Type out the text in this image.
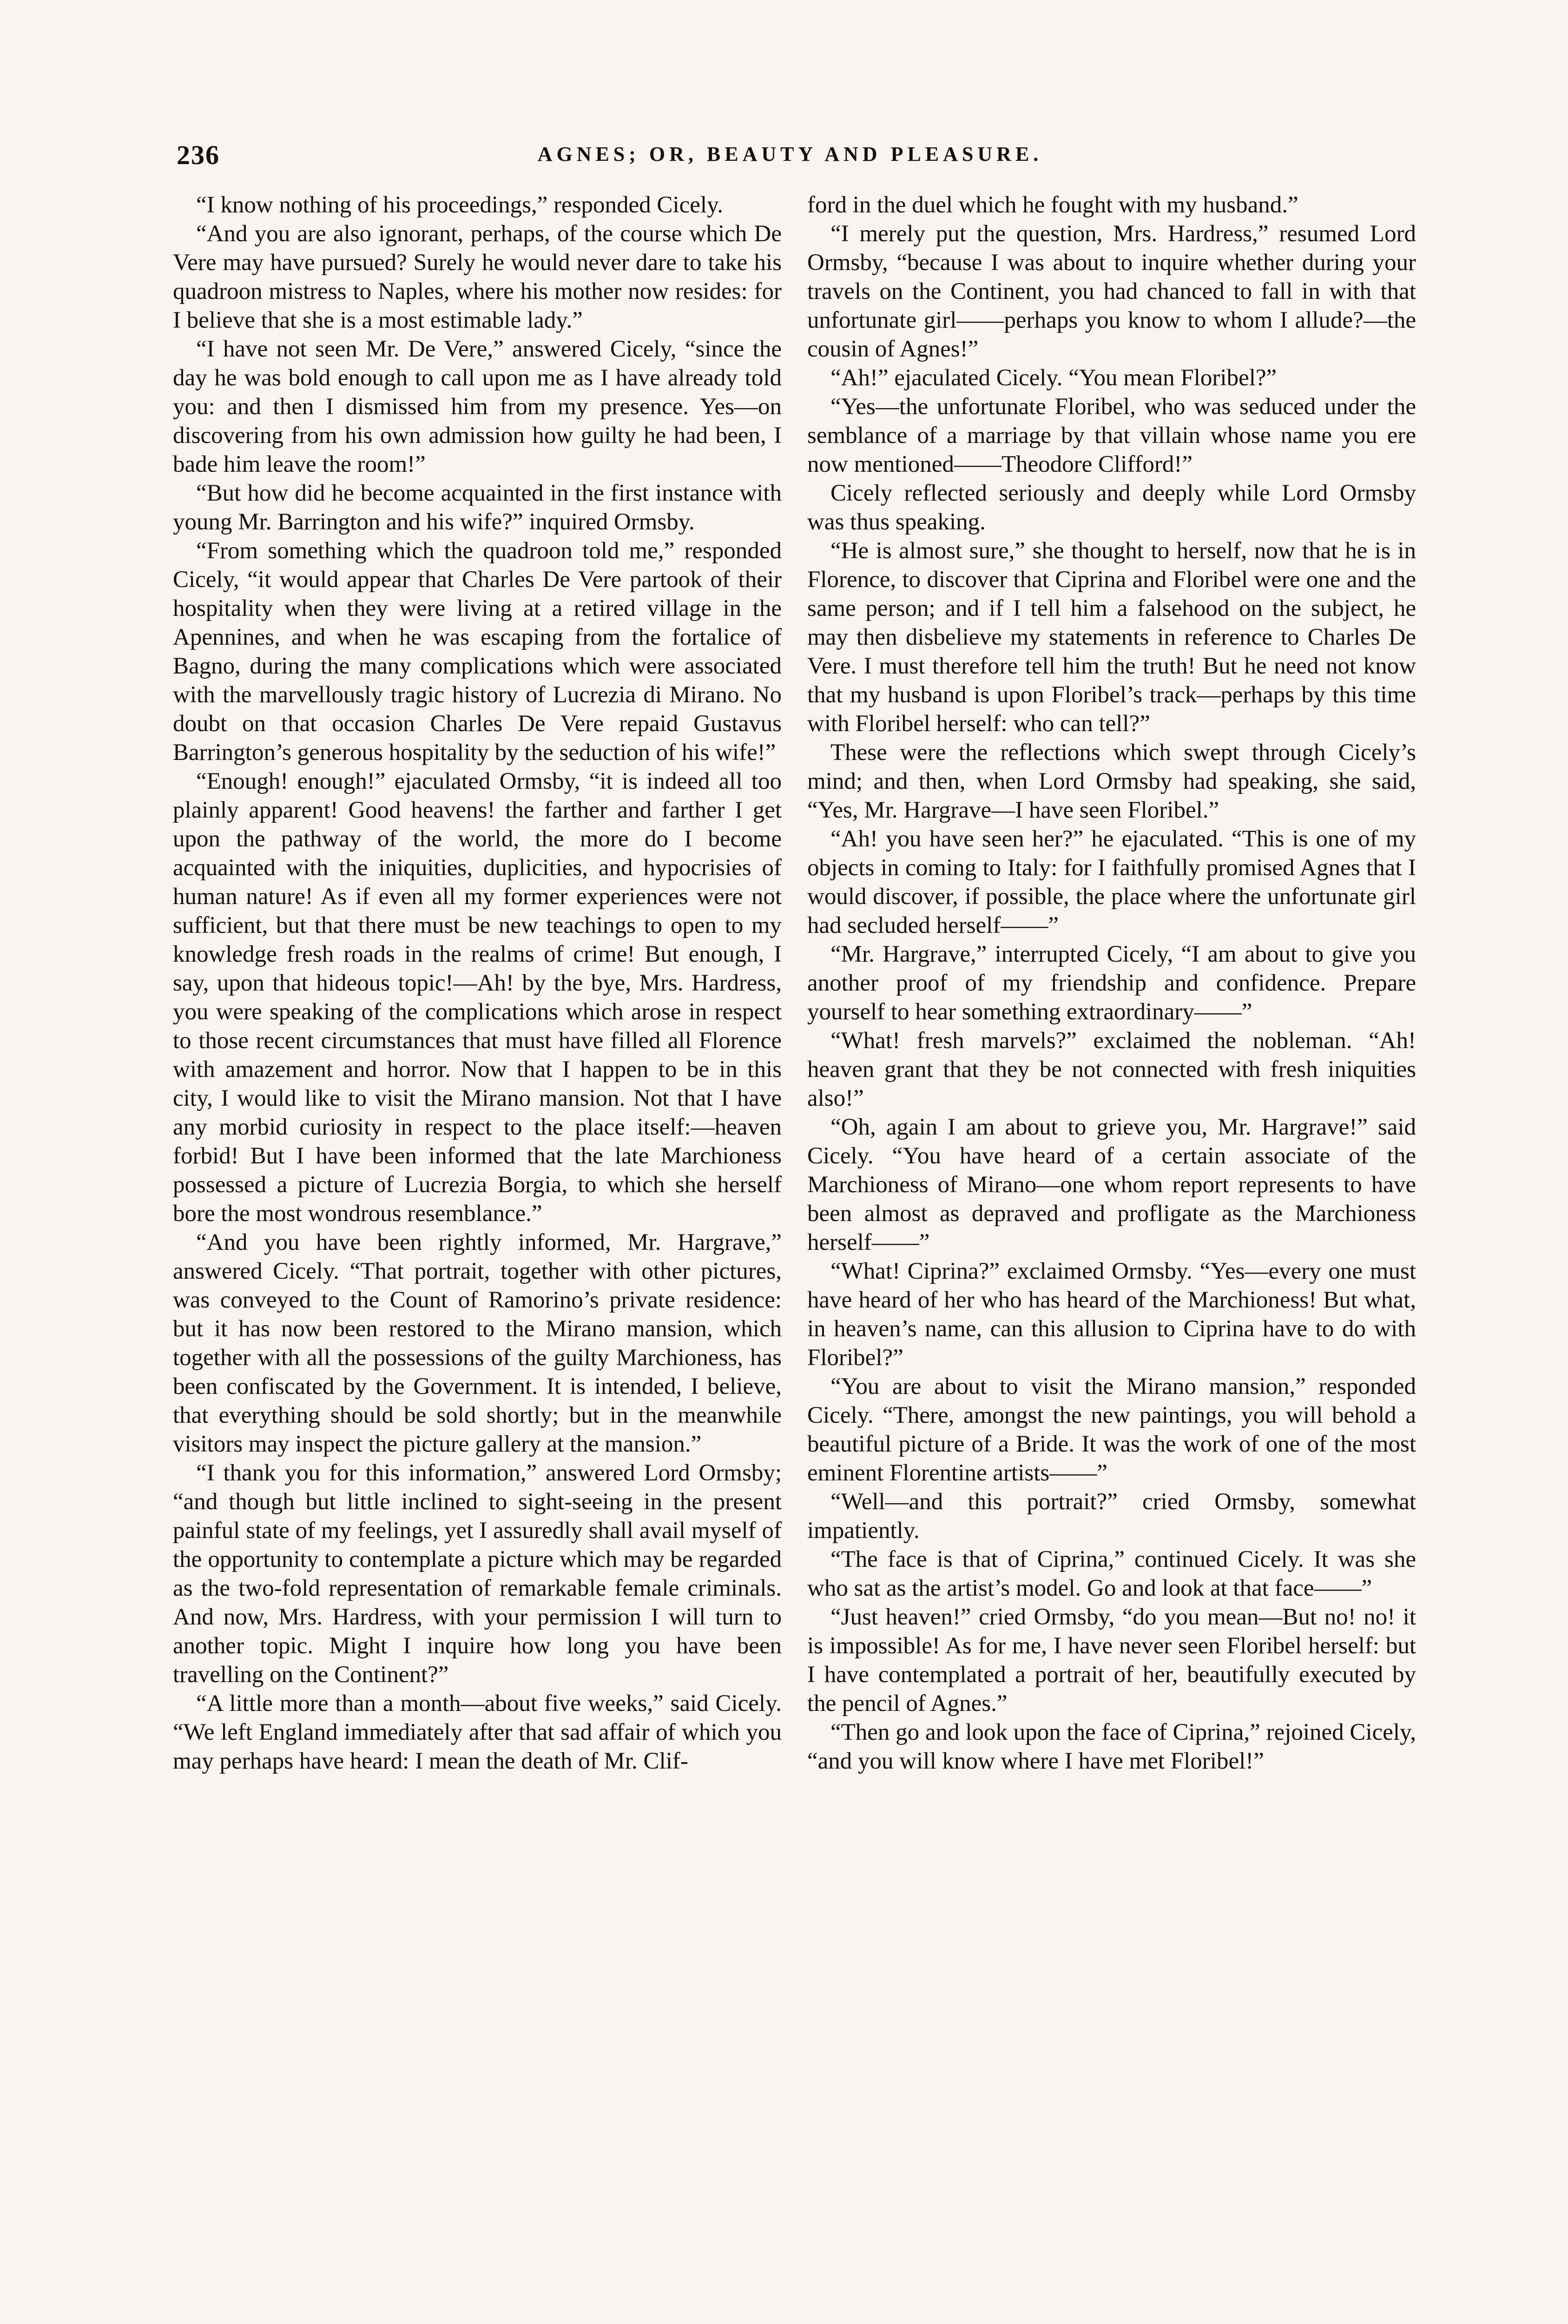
236	AGNES; OR, BEAUTY AND PLEASURE.

“I know nothing of his proceedings,” responded Cicely.

“And you are also ignorant, perhaps, of the course which De Vere may have pursued? Surely he would never dare to take his quadroon mistress to Naples, where his mother now resides: for I believe that she is a most estimable lady.”

“I have not seen Mr. De Vere,” answered Cicely, “since the day he was bold enough to call upon me as I have already told you: and then I dismissed him from my presence. Yes—on discovering from his own admission how guilty he had been, I bade him leave the room!”

“But how did he become acquainted in the first instance with young Mr. Barrington and his wife?” inquired Ormsby.

“From something which the quadroon told me,” responded Cicely, “it would appear that Charles De Vere partook of their hospitality when they were living at a retired village in the Apennines, and when he was escaping from the fortalice of Bagno, during the many complications which were associated with the marvellously tragic history of Lucrezia di Mirano. No doubt on that occasion Charles De Vere repaid Gustavus Barrington’s generous hospitality by the seduction of his wife!”

“Enough! enough!” ejaculated Ormsby, “it is indeed all too plainly apparent! Good heavens! the farther and farther I get upon the pathway of the world, the more do I become acquainted with the iniquities, duplicities, and hypocrisies of human nature! As if even all my former experiences were not sufficient, but that there must be new teachings to open to my knowledge fresh roads in the realms of crime! But enough, I say, upon that hideous topic!—Ah! by the bye, Mrs. Hardress, you were speaking of the complications which arose in respect to those recent circumstances that must have filled all Florence with amazement and horror. Now that I happen to be in this city, I would like to visit the Mirano mansion. Not that I have any morbid curiosity in respect to the place itself:—heaven forbid! But I have been informed that the late Marchioness possessed a picture of Lucrezia Borgia, to which she herself bore the most wondrous resemblance.”

“And you have been rightly informed, Mr. Hargrave,” answered Cicely. “That portrait, together with other pictures, was conveyed to the Count of Ramorino’s private residence: but it has now been restored to the Mirano mansion, which together with all the possessions of the guilty Marchioness, has been confiscated by the Government. It is intended, I believe, that everything should be sold shortly; but in the meanwhile visitors may inspect the picture gallery at the mansion.”

“I thank you for this information,” answered Lord Ormsby; “and though but little inclined to sight-seeing in the present painful state of my feelings, yet I assuredly shall avail myself of the opportunity to contemplate a picture which may be regarded as the two-fold representation of remarkable female criminals. And now, Mrs. Hardress, with your permission I will turn to another topic. Might I inquire how long you have been travelling on the Continent?”

“A little more than a month—about five weeks,” said Cicely. “We left England immediately after that sad affair of which you may perhaps have heard: I mean the death of Mr. Clif-

ford in the duel which he fought with my husband.”

“I merely put the question, Mrs. Hardress,” resumed Lord Ormsby, “because I was about to inquire whether during your travels on the Continent, you had chanced to fall in with that unfortunate girl——perhaps you know to whom I allude?—the cousin of Agnes!”

“Ah!” ejaculated Cicely. “You mean Floribel?”

“Yes—the unfortunate Floribel, who was seduced under the semblance of a marriage by that villain whose name you ere now mentioned——Theodore Clifford!”

Cicely reflected seriously and deeply while Lord Ormsby was thus speaking.

“He is almost sure,” she thought to herself, now that he is in Florence, to discover that Ciprina and Floribel were one and the same person; and if I tell him a falsehood on the subject, he may then disbelieve my statements in reference to Charles De Vere. I must therefore tell him the truth! But he need not know that my husband is upon Floribel’s track—perhaps by this time with Floribel herself: who can tell?”

These were the reflections which swept through Cicely’s mind; and then, when Lord Ormsby had speaking, she said, “Yes, Mr. Hargrave—I have seen Floribel.”

“Ah! you have seen her?” he ejaculated. “This is one of my objects in coming to Italy: for I faithfully promised Agnes that I would discover, if possible, the place where the unfortunate girl had secluded herself——”

“Mr. Hargrave,” interrupted Cicely, “I am about to give you another proof of my friendship and confidence. Prepare yourself to hear something extraordinary——”

“What! fresh marvels?” exclaimed the nobleman. “Ah! heaven grant that they be not connected with fresh iniquities also!”

“Oh, again I am about to grieve you, Mr. Hargrave!” said Cicely. “You have heard of a certain associate of the Marchioness of Mirano—one whom report represents to have been almost as depraved and profligate as the Marchioness herself——”

“What! Ciprina?” exclaimed Ormsby. “Yes—every one must have heard of her who has heard of the Marchioness! But what, in heaven’s name, can this allusion to Ciprina have to do with Floribel?”

“You are about to visit the Mirano mansion,” responded Cicely. “There, amongst the new paintings, you will behold a beautiful picture of a Bride. It was the work of one of the most eminent Florentine artists——”

“Well—and this portrait?” cried Ormsby, somewhat impatiently.

“The face is that of Ciprina,” continued Cicely. It was she who sat as the artist’s model. Go and look at that face——”

“Just heaven!” cried Ormsby, “do you mean—But no! no! it is impossible! As for me, I have never seen Floribel herself: but I have contemplated a portrait of her, beautifully executed by the pencil of Agnes.”

“Then go and look upon the face of Ciprina,” rejoined Cicely, “and you will know where I have met Floribel!”
